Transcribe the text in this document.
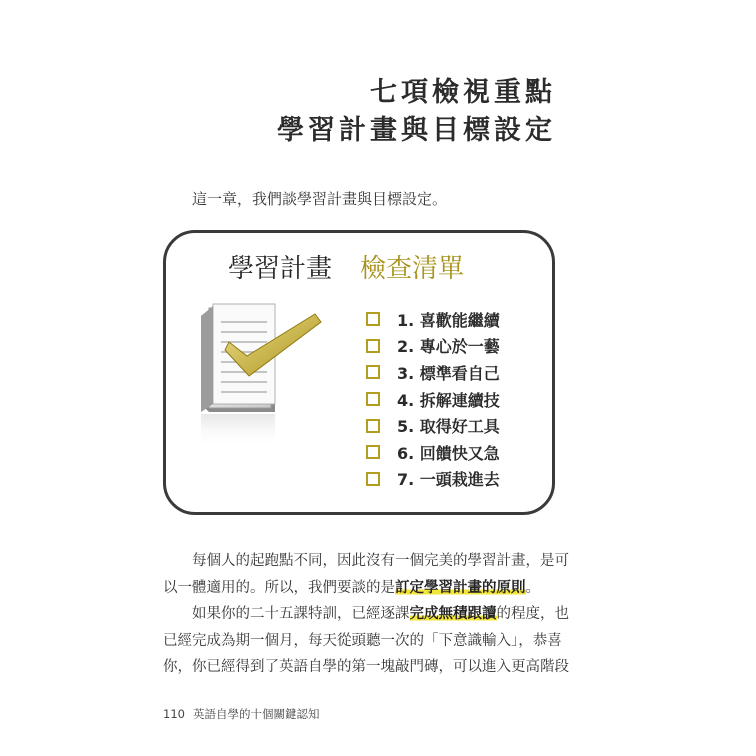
七項檢視重點
學習計畫與目標設定
這一章，我們談學習計畫與目標設定。
學習計畫 檢查清單
1. 喜歡能繼續
2. 專心於一藝
3. 標準看自己
4. 拆解連續技
5. 取得好工具
6. 回饋快又急
7. 一頭栽進去

每個人的起跑點不同，因此沒有一個完美的學習計畫，是可

以一體適用的。所以，我們要談的是訂定學習計畫的原則。

如果你的二十五課特訓，已經逐課完成無積跟讀的程度，也

已經完成為期一個月，每天從頭聽一次的「下意識輸入」，恭喜

你，你已經得到了英語自學的第一塊敲門磚，可以進入更高階段

110 英語自學的十個關鍵認知
